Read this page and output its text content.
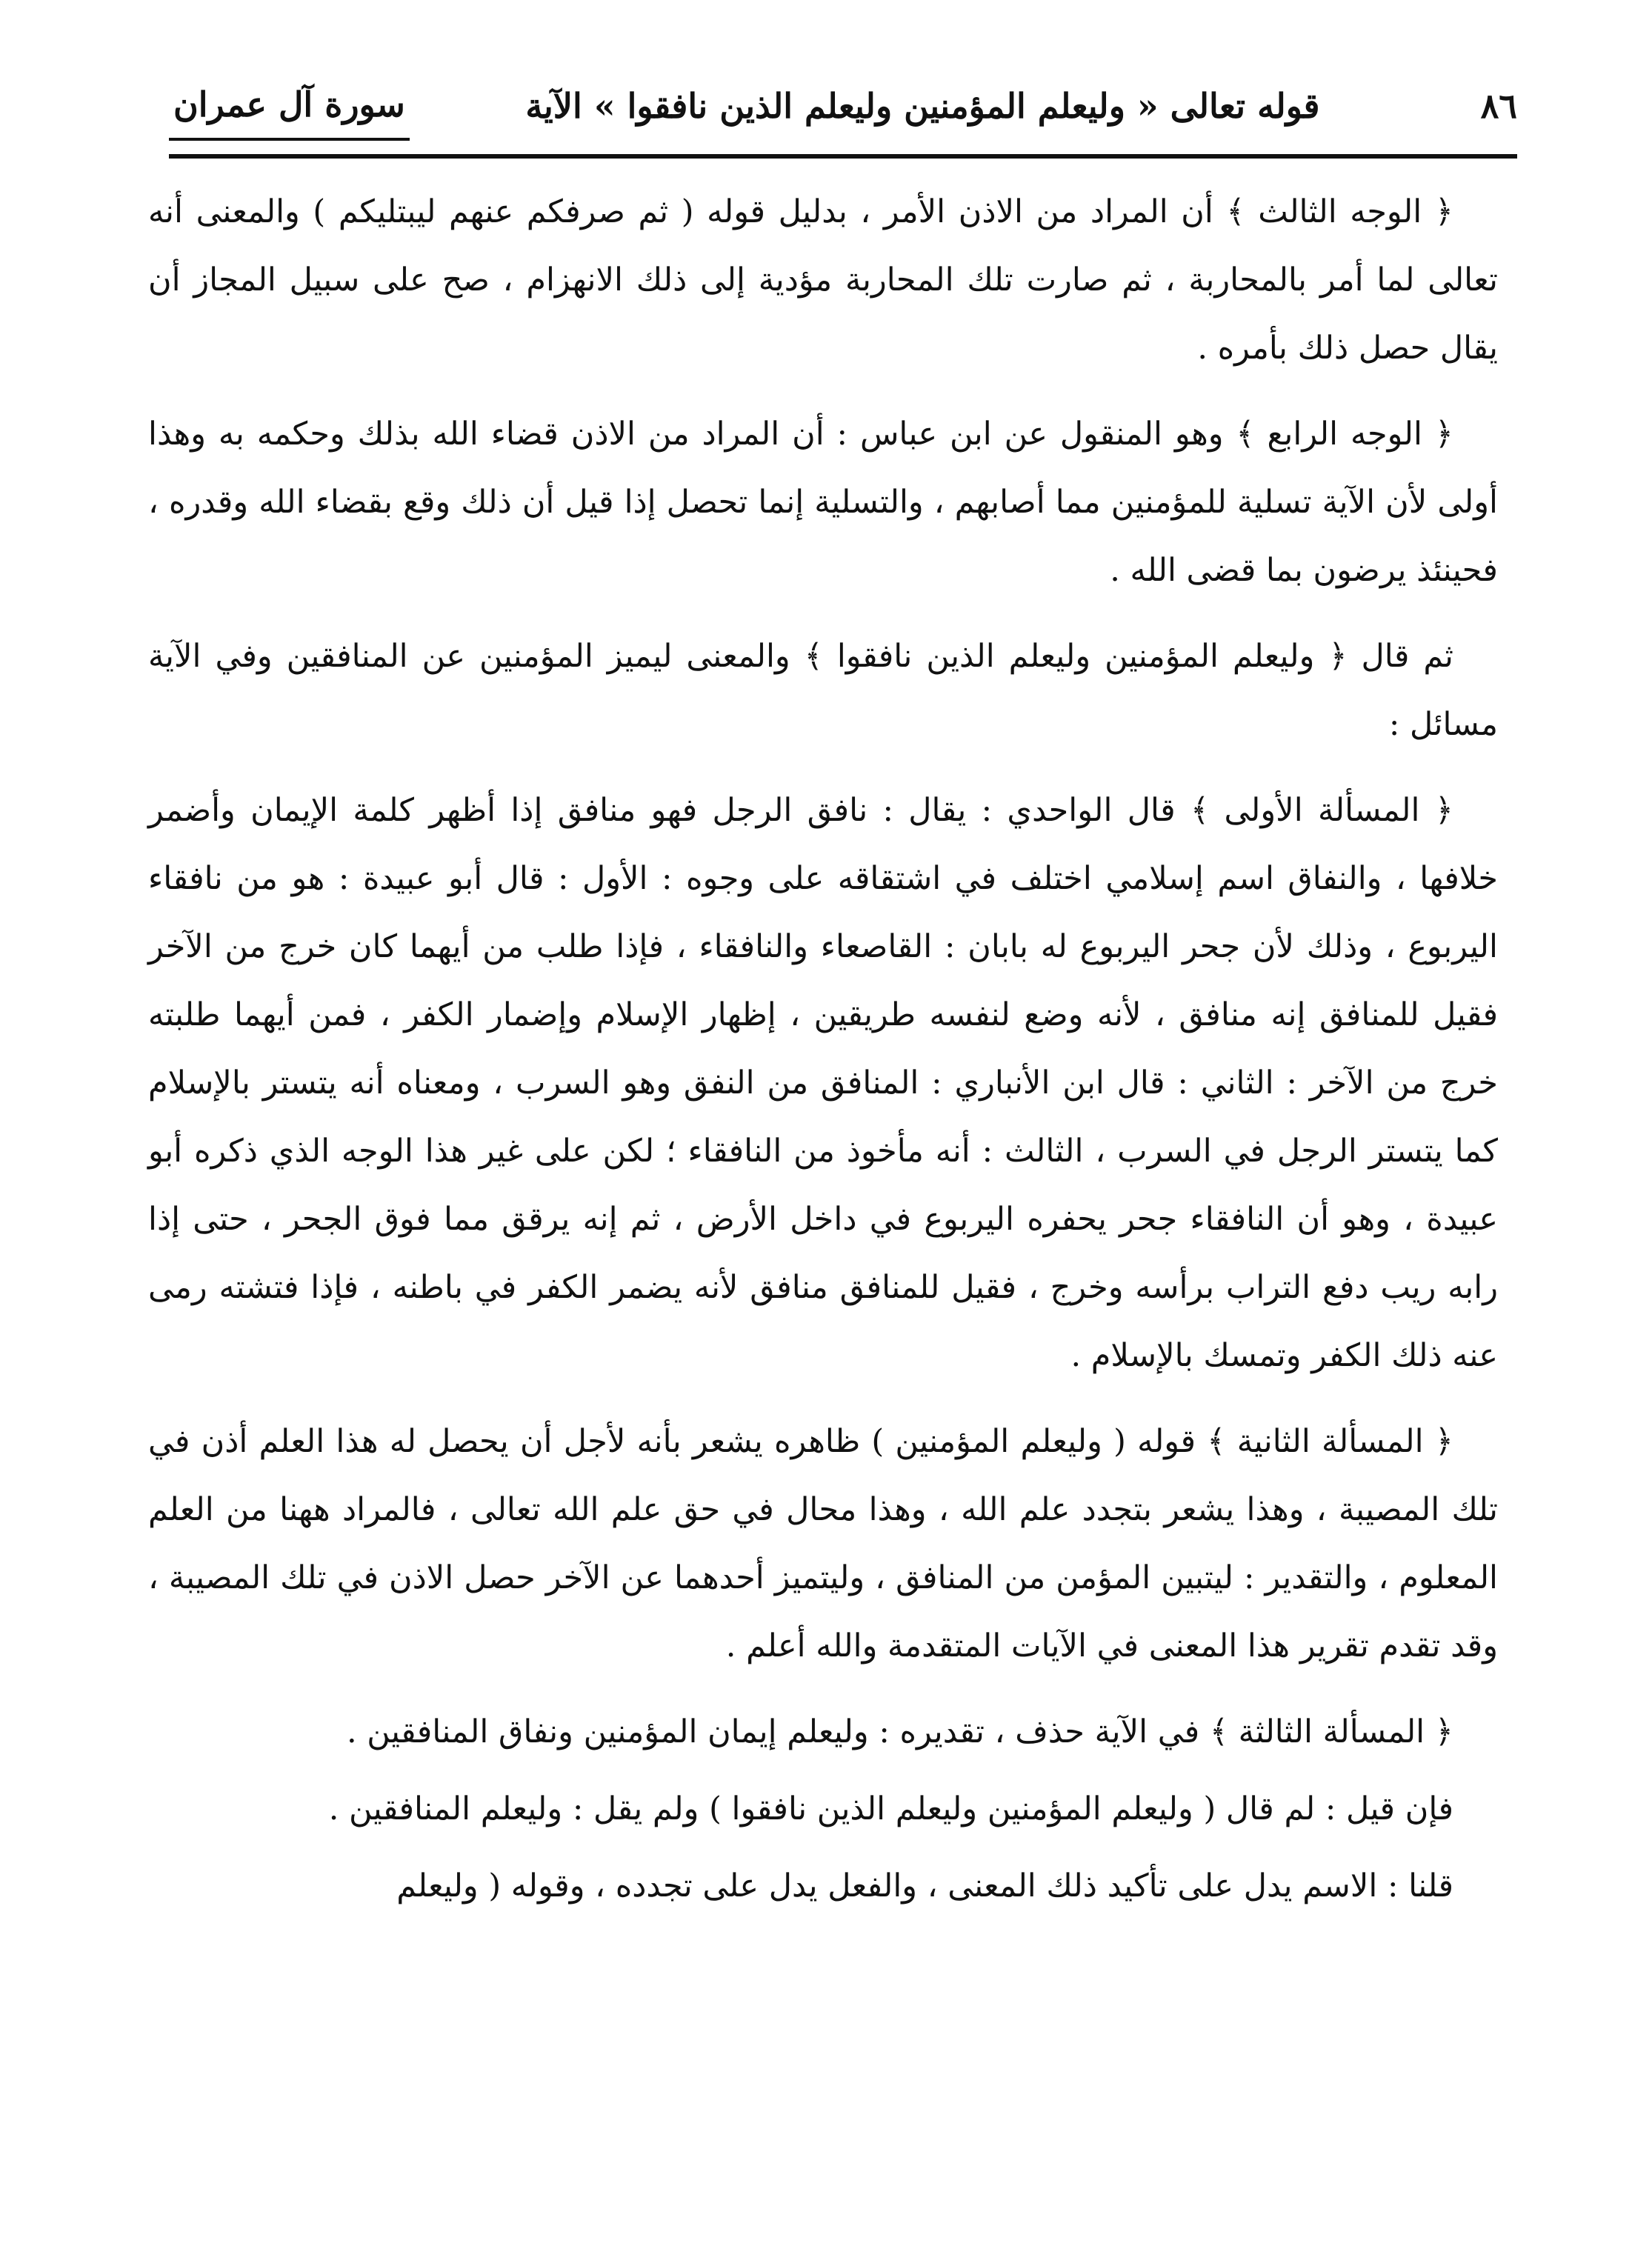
٨٦
قوله تعالى « وليعلم المؤمنين وليعلم الذين نافقوا » الآية
سورة آل عمران

﴿ الوجه الثالث ﴾ أن المراد من الاذن الأمر ، بدليل قوله ( ثم صرفكم عنهم ليبتليكم ) والمعنى أنه تعالى لما أمر بالمحاربة ، ثم صارت تلك المحاربة مؤدية إلى ذلك الانهزام ، صح على سبيل المجاز أن يقال حصل ذلك بأمره .

﴿ الوجه الرابع ﴾ وهو المنقول عن ابن عباس : أن المراد من الاذن قضاء الله بذلك وحكمه به وهذا أولى لأن الآية تسلية للمؤمنين مما أصابهم ، والتسلية إنما تحصل إذا قيل أن ذلك وقع بقضاء الله وقدره ، فحينئذ يرضون بما قضى الله .

ثم قال ﴿ وليعلم المؤمنين وليعلم الذين نافقوا ﴾ والمعنى ليميز المؤمنين عن المنافقين وفي الآية مسائل :

﴿ المسألة الأولى ﴾ قال الواحدي : يقال : نافق الرجل فهو منافق إذا أظهر كلمة الإيمان وأضمر خلافها ، والنفاق اسم إسلامي اختلف في اشتقاقه على وجوه : الأول : قال أبو عبيدة : هو من نافقاء اليربوع ، وذلك لأن جحر اليربوع له بابان : القاصعاء والنافقاء ، فإذا طلب من أيهما كان خرج من الآخر فقيل للمنافق إنه منافق ، لأنه وضع لنفسه طريقين ، إظهار الإسلام وإضمار الكفر ، فمن أيهما طلبته خرج من الآخر : الثاني : قال ابن الأنباري : المنافق من النفق وهو السرب ، ومعناه أنه يتستر بالإسلام كما يتستر الرجل في السرب ، الثالث : أنه مأخوذ من النافقاء ؛ لكن على غير هذا الوجه الذي ذكره أبو عبيدة ، وهو أن النافقاء جحر يحفره اليربوع في داخل الأرض ، ثم إنه يرقق مما فوق الجحر ، حتى إذا رابه ريب دفع التراب برأسه وخرج ، فقيل للمنافق منافق لأنه يضمر الكفر في باطنه ، فإذا فتشته رمى عنه ذلك الكفر وتمسك بالإسلام .

﴿ المسألة الثانية ﴾ قوله ( وليعلم المؤمنين ) ظاهره يشعر بأنه لأجل أن يحصل له هذا العلم أذن في تلك المصيبة ، وهذا يشعر بتجدد علم الله ، وهذا محال في حق علم الله تعالى ، فالمراد ههنا من العلم المعلوم ، والتقدير : ليتبين المؤمن من المنافق ، وليتميز أحدهما عن الآخر حصل الاذن في تلك المصيبة ، وقد تقدم تقرير هذا المعنى في الآيات المتقدمة والله أعلم .

﴿ المسألة الثالثة ﴾ في الآية حذف ، تقديره : وليعلم إيمان المؤمنين ونفاق المنافقين .

فإن قيل : لم قال ( وليعلم المؤمنين وليعلم الذين نافقوا ) ولم يقل : وليعلم المنافقين .

قلنا : الاسم يدل على تأكيد ذلك المعنى ، والفعل يدل على تجدده ، وقوله ( وليعلم
